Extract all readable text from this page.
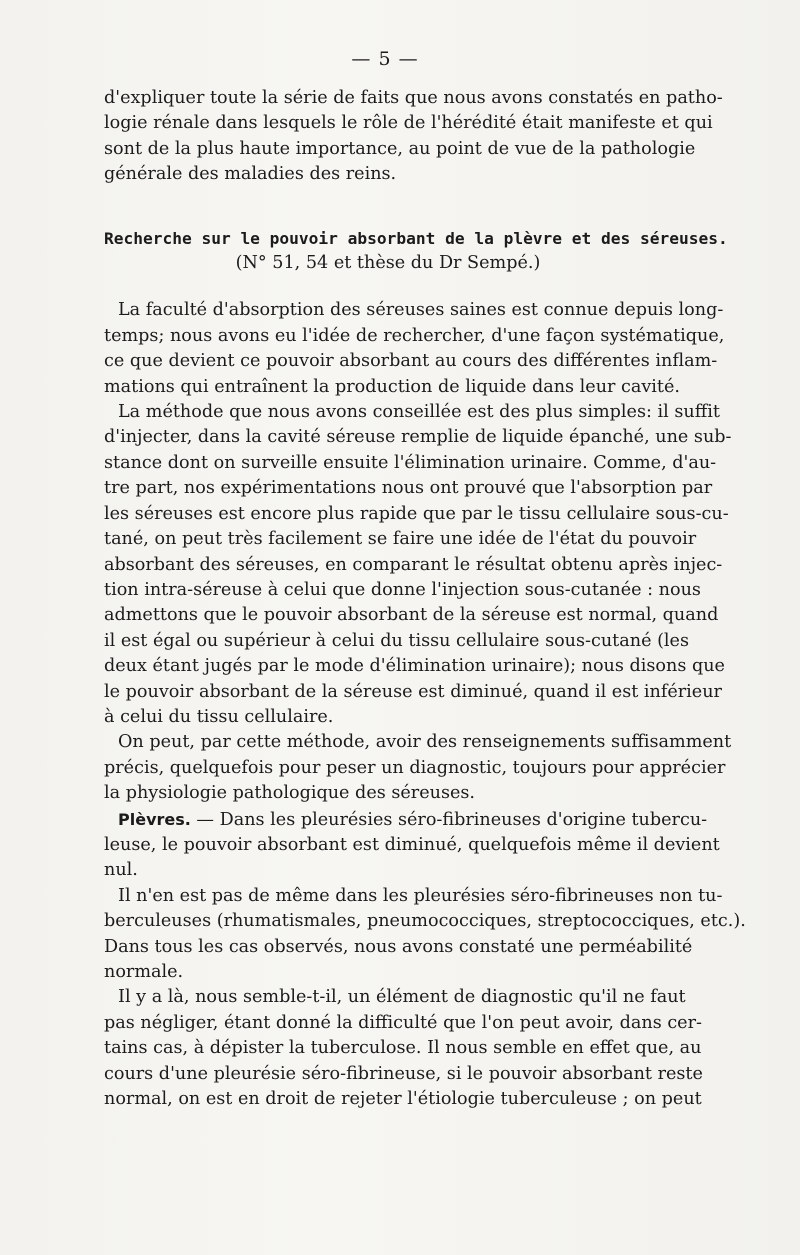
— 5 —

d'expliquer toute la série de faits que nous avons constatés en patho-
logie rénale dans lesquels le rôle de l'hérédité était manifeste et qui
sont de la plus haute importance, au point de vue de la pathologie
générale des maladies des reins.

Recherche sur le pouvoir absorbant de la plèvre et des séreuses.
(N° 51, 54 et thèse du Dr Sempé.)

La faculté d'absorption des séreuses saines est connue depuis long-
temps; nous avons eu l'idée de rechercher, d'une façon systématique,
ce que devient ce pouvoir absorbant au cours des différentes inflam-
mations qui entraînent la production de liquide dans leur cavité.

La méthode que nous avons conseillée est des plus simples: il suffit
d'injecter, dans la cavité séreuse remplie de liquide épanché, une sub-
stance dont on surveille ensuite l'élimination urinaire. Comme, d'au-
tre part, nos expérimentations nous ont prouvé que l'absorption par
les séreuses est encore plus rapide que par le tissu cellulaire sous-cu-
tané, on peut très facilement se faire une idée de l'état du pouvoir
absorbant des séreuses, en comparant le résultat obtenu après injec-
tion intra-séreuse à celui que donne l'injection sous-cutanée : nous
admettons que le pouvoir absorbant de la séreuse est normal, quand
il est égal ou supérieur à celui du tissu cellulaire sous-cutané (les
deux étant jugés par le mode d'élimination urinaire); nous disons que
le pouvoir absorbant de la séreuse est diminué, quand il est inférieur
à celui du tissu cellulaire.

On peut, par cette méthode, avoir des renseignements suffisamment
précis, quelquefois pour peser un diagnostic, toujours pour apprécier
la physiologie pathologique des séreuses.

Plèvres. — Dans les pleurésies séro-fibrineuses d'origine tubercu-
leuse, le pouvoir absorbant est diminué, quelquefois même il devient
nul.

Il n'en est pas de même dans les pleurésies séro-fibrineuses non tu-
berculeuses (rhumatismales, pneumococciques, streptococciques, etc.).
Dans tous les cas observés, nous avons constaté une perméabilité
normale.

Il y a là, nous semble-t-il, un élément de diagnostic qu'il ne faut
pas négliger, étant donné la difficulté que l'on peut avoir, dans cer-
tains cas, à dépister la tuberculose. Il nous semble en effet que, au
cours d'une pleurésie séro-fibrineuse, si le pouvoir absorbant reste
normal, on est en droit de rejeter l'étiologie tuberculeuse ; on peut
